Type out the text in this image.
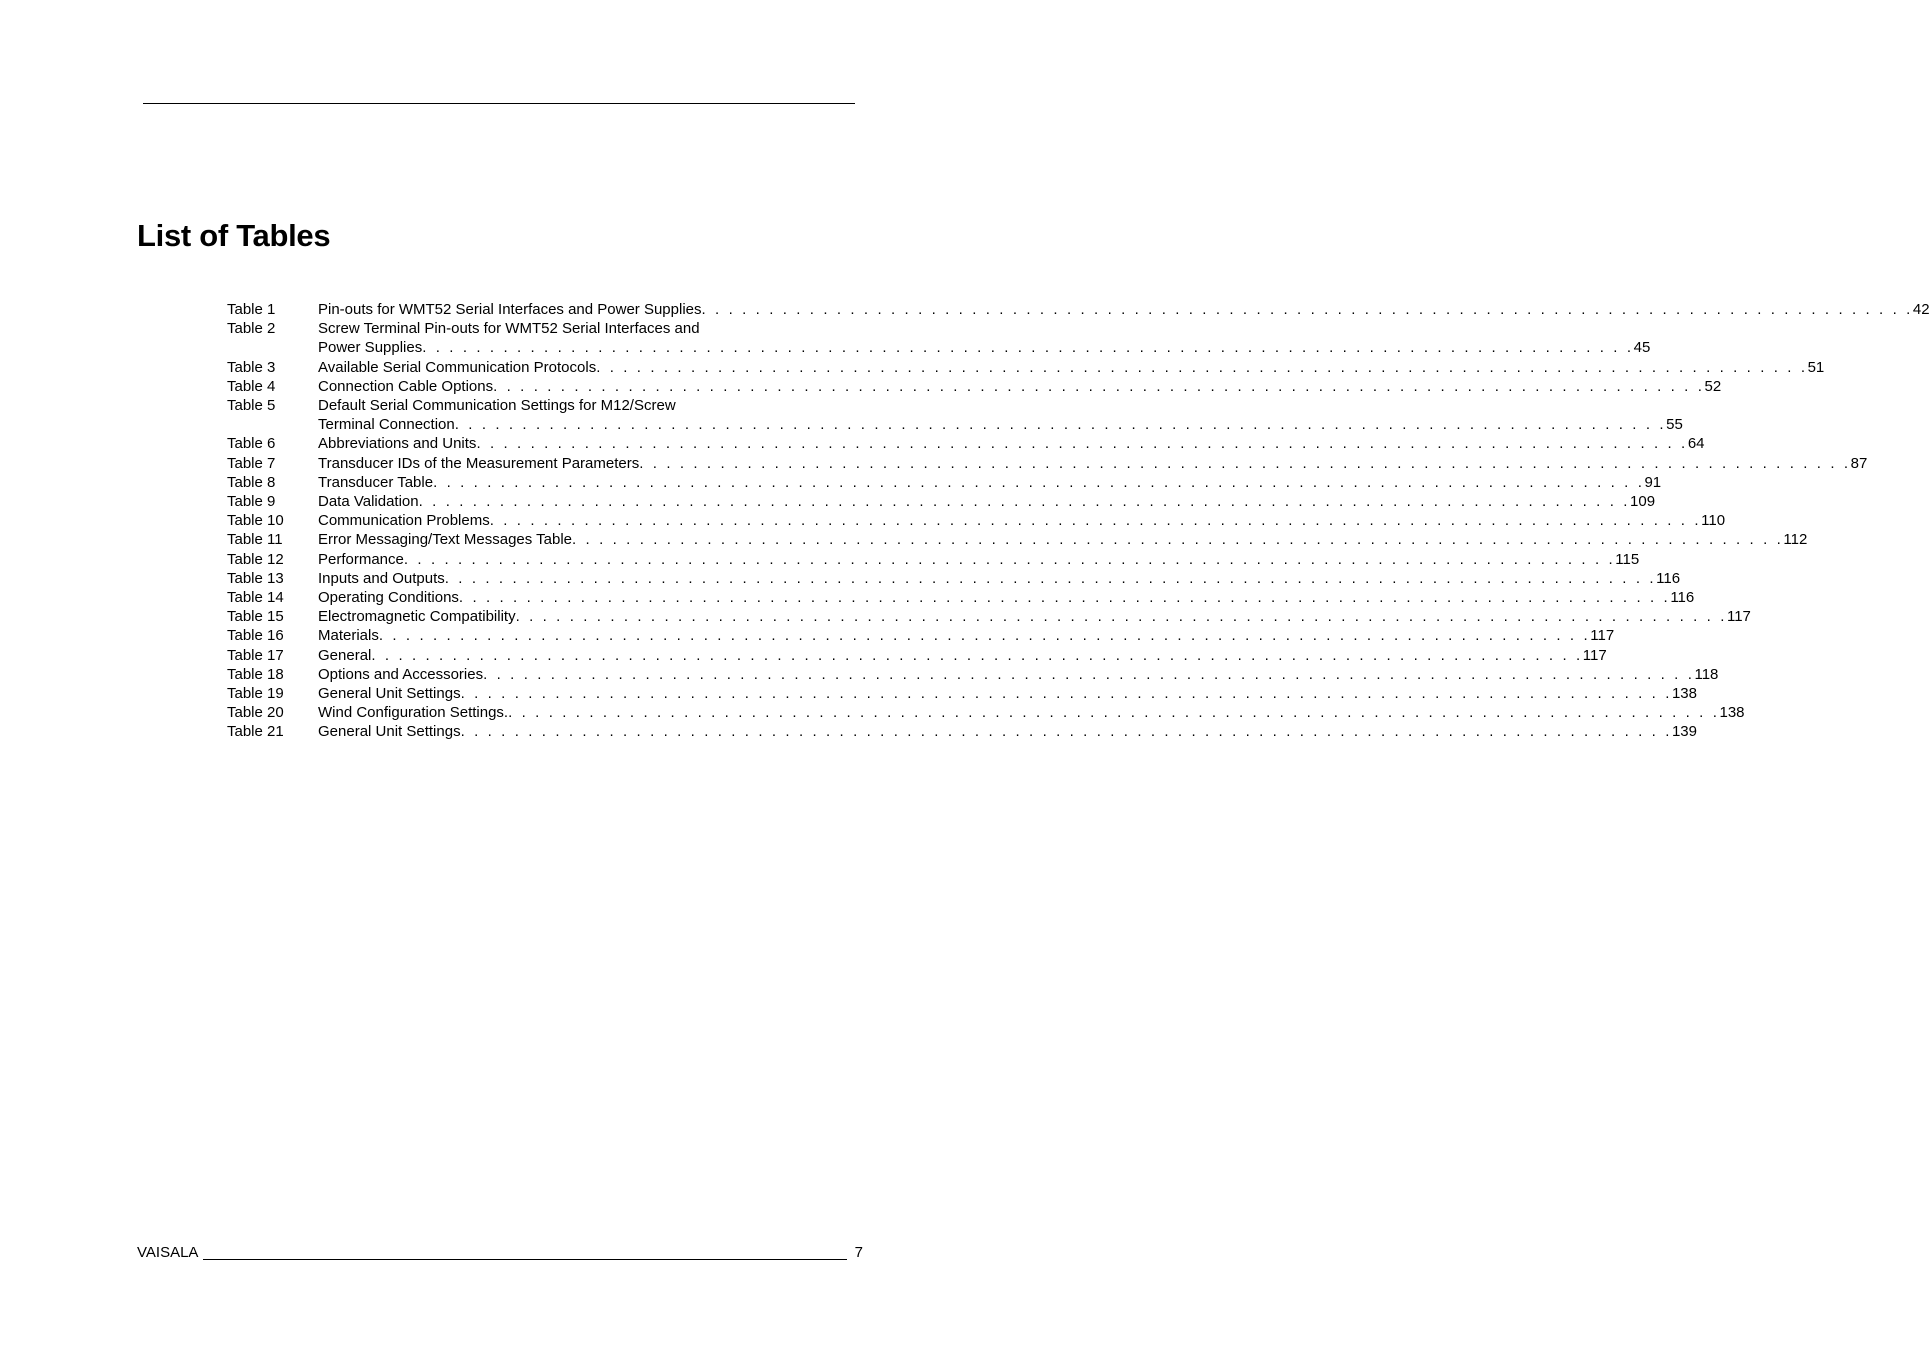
List of Tables
Table 1	Pin-outs for WMT52 Serial Interfaces and Power Supplies . . . . . . . . . . . . . . . . . . . . . . . . . . . . . . . . . . . . . . . . . . . . . . . . . . . . . . . . . . . . . . . . . . . . . . . . . . . . . . . . . . . . . . . . . . 42
Table 2	Screw Terminal Pin-outs for WMT52 Serial Interfaces and
Power Supplies . . . . . . . . . . . . . . . . . . . . . . . . . . . . . . . . . . . . . . . . . . . . . . . . . . . . . . . . . . . . . . . . . . . . . . . . . . . . . . . . . . . . . . . . . . 45
Table 3	Available Serial Communication Protocols . . . . . . . . . . . . . . . . . . . . . . . . . . . . . . . . . . . . . . . . . . . . . . . . . . . . . . . . . . . . . . . . . . . . . . . . . . . . . . . . . . . . . . . . . . 51
Table 4	Connection Cable Options . . . . . . . . . . . . . . . . . . . . . . . . . . . . . . . . . . . . . . . . . . . . . . . . . . . . . . . . . . . . . . . . . . . . . . . . . . . . . . . . . . . . . . . . . . 52
Table 5	Default Serial Communication Settings for M12/Screw
Terminal Connection . . . . . . . . . . . . . . . . . . . . . . . . . . . . . . . . . . . . . . . . . . . . . . . . . . . . . . . . . . . . . . . . . . . . . . . . . . . . . . . . . . . . . . . . . . 55
Table 6	Abbreviations and Units . . . . . . . . . . . . . . . . . . . . . . . . . . . . . . . . . . . . . . . . . . . . . . . . . . . . . . . . . . . . . . . . . . . . . . . . . . . . . . . . . . . . . . . . . . 64
Table 7	Transducer IDs of the Measurement Parameters . . . . . . . . . . . . . . . . . . . . . . . . . . . . . . . . . . . . . . . . . . . . . . . . . . . . . . . . . . . . . . . . . . . . . . . . . . . . . . . . . . . . . . . . . . 87
Table 8	Transducer Table . . . . . . . . . . . . . . . . . . . . . . . . . . . . . . . . . . . . . . . . . . . . . . . . . . . . . . . . . . . . . . . . . . . . . . . . . . . . . . . . . . . . . . . . . . 91
Table 9	Data Validation . . . . . . . . . . . . . . . . . . . . . . . . . . . . . . . . . . . . . . . . . . . . . . . . . . . . . . . . . . . . . . . . . . . . . . . . . . . . . . . . . . . . . . . . . . 109
Table 10	Communication Problems . . . . . . . . . . . . . . . . . . . . . . . . . . . . . . . . . . . . . . . . . . . . . . . . . . . . . . . . . . . . . . . . . . . . . . . . . . . . . . . . . . . . . . . . . . 110
Table 11	Error Messaging/Text Messages Table . . . . . . . . . . . . . . . . . . . . . . . . . . . . . . . . . . . . . . . . . . . . . . . . . . . . . . . . . . . . . . . . . . . . . . . . . . . . . . . . . . . . . . . . . . 112
Table 12	Performance . . . . . . . . . . . . . . . . . . . . . . . . . . . . . . . . . . . . . . . . . . . . . . . . . . . . . . . . . . . . . . . . . . . . . . . . . . . . . . . . . . . . . . . . . . 115
Table 13	Inputs and Outputs . . . . . . . . . . . . . . . . . . . . . . . . . . . . . . . . . . . . . . . . . . . . . . . . . . . . . . . . . . . . . . . . . . . . . . . . . . . . . . . . . . . . . . . . . . 116
Table 14	Operating Conditions . . . . . . . . . . . . . . . . . . . . . . . . . . . . . . . . . . . . . . . . . . . . . . . . . . . . . . . . . . . . . . . . . . . . . . . . . . . . . . . . . . . . . . . . . . 116
Table 15	Electromagnetic Compatibility . . . . . . . . . . . . . . . . . . . . . . . . . . . . . . . . . . . . . . . . . . . . . . . . . . . . . . . . . . . . . . . . . . . . . . . . . . . . . . . . . . . . . . . . . . 117
Table 16	Materials . . . . . . . . . . . . . . . . . . . . . . . . . . . . . . . . . . . . . . . . . . . . . . . . . . . . . . . . . . . . . . . . . . . . . . . . . . . . . . . . . . . . . . . . . . 117
Table 17	General . . . . . . . . . . . . . . . . . . . . . . . . . . . . . . . . . . . . . . . . . . . . . . . . . . . . . . . . . . . . . . . . . . . . . . . . . . . . . . . . . . . . . . . . . . 117
Table 18	Options and Accessories . . . . . . . . . . . . . . . . . . . . . . . . . . . . . . . . . . . . . . . . . . . . . . . . . . . . . . . . . . . . . . . . . . . . . . . . . . . . . . . . . . . . . . . . . . 118
Table 19	General Unit Settings . . . . . . . . . . . . . . . . . . . . . . . . . . . . . . . . . . . . . . . . . . . . . . . . . . . . . . . . . . . . . . . . . . . . . . . . . . . . . . . . . . . . . . . . . . 138
Table 20	Wind Configuration Settings. . . . . . . . . . . . . . . . . . . . . . . . . . . . . . . . . . . . . . . . . . . . . . . . . . . . . . . . . . . . . . . . . . . . . . . . . . . . . . . . . . . . . . . . . . . 138
Table 21	General Unit Settings . . . . . . . . . . . . . . . . . . . . . . . . . . . . . . . . . . . . . . . . . . . . . . . . . . . . . . . . . . . . . . . . . . . . . . . . . . . . . . . . . . . . . . . . . . 139
VAISALA	7
